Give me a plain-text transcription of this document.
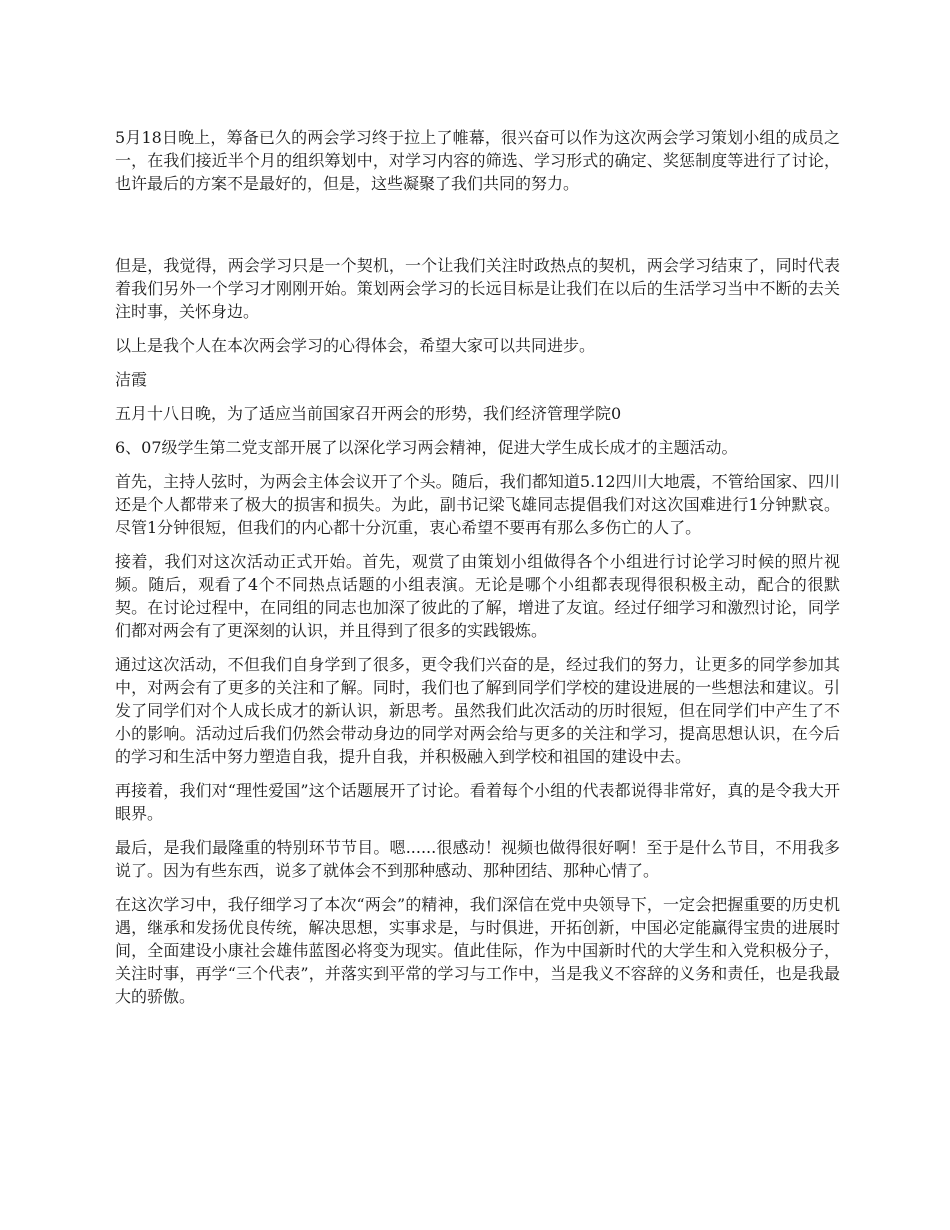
5月18日晚上，筹备已久的两会学习终于拉上了帷幕，很兴奋可以作为这次两会学习策划小组的成员之一，在我们接近半个月的组织筹划中，对学习内容的筛选、学习形式的确定、奖惩制度等进行了讨论，也许最后的方案不是最好的，但是，这些凝聚了我们共同的努力。

但是，我觉得，两会学习只是一个契机，一个让我们关注时政热点的契机，两会学习结束了，同时代表着我们另外一个学习才刚刚开始。策划两会学习的长远目标是让我们在以后的生活学习当中不断的去关注时事，关怀身边。

以上是我个人在本次两会学习的心得体会，希望大家可以共同进步。

洁霞

五月十八日晚，为了适应当前国家召开两会的形势，我们经济管理学院0

6、07级学生第二党支部开展了以深化学习两会精神，促进大学生成长成才的主题活动。

首先，主持人弦时，为两会主体会议开了个头。随后，我们都知道5.12四川大地震，不管给国家、四川还是个人都带来了极大的损害和损失。为此，副书记梁飞雄同志提倡我们对这次国难进行1分钟默哀。尽管1分钟很短，但我们的内心都十分沉重，衷心希望不要再有那么多伤亡的人了。

接着，我们对这次活动正式开始。首先，观赏了由策划小组做得各个小组进行讨论学习时候的照片视频。随后，观看了4个不同热点话题的小组表演。无论是哪个小组都表现得很积极主动，配合的很默契。在讨论过程中，在同组的同志也加深了彼此的了解，增进了友谊。经过仔细学习和激烈讨论，同学们都对两会有了更深刻的认识，并且得到了很多的实践锻炼。

通过这次活动，不但我们自身学到了很多，更令我们兴奋的是，经过我们的努力，让更多的同学参加其中，对两会有了更多的关注和了解。同时，我们也了解到同学们学校的建设进展的一些想法和建议。引发了同学们对个人成长成才的新认识，新思考。虽然我们此次活动的历时很短，但在同学们中产生了不小的影响。活动过后我们仍然会带动身边的同学对两会给与更多的关注和学习，提高思想认识，在今后的学习和生活中努力塑造自我，提升自我，并积极融入到学校和祖国的建设中去。

再接着，我们对“理性爱国”这个话题展开了讨论。看着每个小组的代表都说得非常好，真的是令我大开眼界。

最后，是我们最隆重的特别环节节目。嗯......很感动！视频也做得很好啊！至于是什么节目，不用我多说了。因为有些东西，说多了就体会不到那种感动、那种团结、那种心情了。

在这次学习中，我仔细学习了本次“两会”的精神，我们深信在党中央领导下，一定会把握重要的历史机遇，继承和发扬优良传统，解决思想，实事求是，与时俱进，开拓创新，中国必定能赢得宝贵的进展时间，全面建设小康社会雄伟蓝图必将变为现实。值此佳际，作为中国新时代的大学生和入党积极分子，关注时事，再学“三个代表”，并落实到平常的学习与工作中，当是我义不容辞的义务和责任，也是我最大的骄傲。
